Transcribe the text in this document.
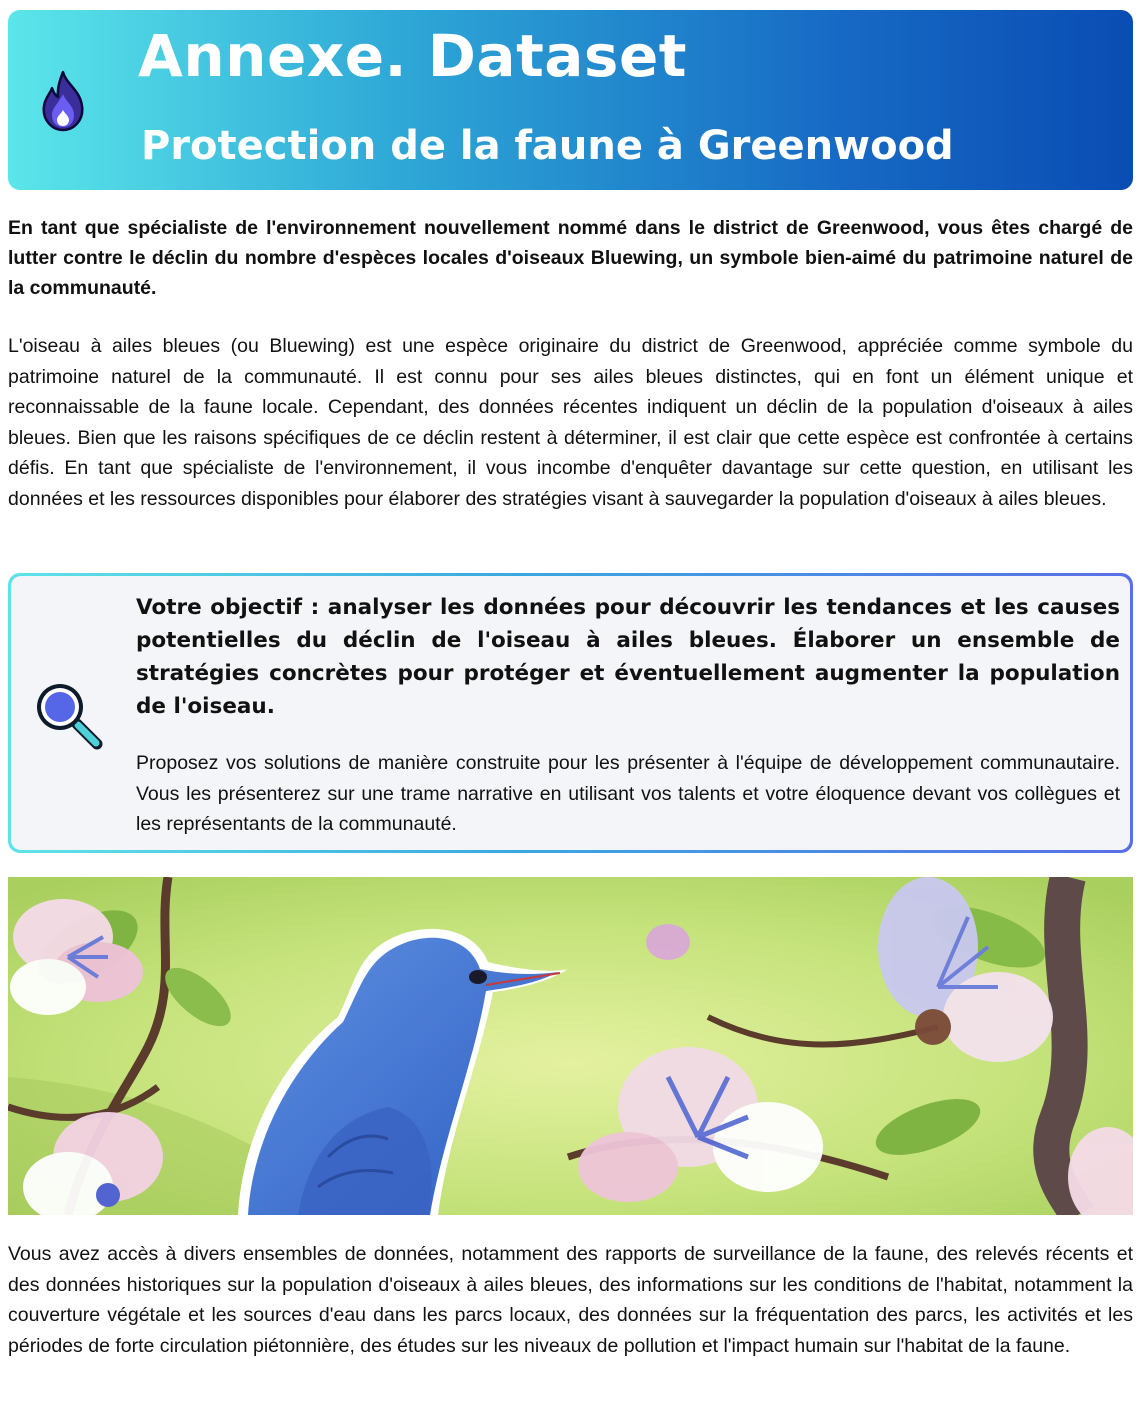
Annexe. Dataset
Protection de la faune à Greenwood
En tant que spécialiste de l'environnement nouvellement nommé dans le district de Greenwood, vous êtes chargé de lutter contre le déclin du nombre d'espèces locales d'oiseaux Bluewing, un symbole bien-aimé du patrimoine naturel de la communauté.
L'oiseau à ailes bleues (ou Bluewing) est une espèce originaire du district de Greenwood, appréciée comme symbole du patrimoine naturel de la communauté. Il est connu pour ses ailes bleues distinctes, qui en font un élément unique et reconnaissable de la faune locale. Cependant, des données récentes indiquent un déclin de la population d'oiseaux à ailes bleues. Bien que les raisons spécifiques de ce déclin restent à déterminer, il est clair que cette espèce est confrontée à certains défis. En tant que spécialiste de l'environnement, il vous incombe d'enquêter davantage sur cette question, en utilisant les données et les ressources disponibles pour élaborer des stratégies visant à sauvegarder la population d'oiseaux à ailes bleues.
Votre objectif : analyser les données pour découvrir les tendances et les causes potentielles du déclin de l'oiseau à ailes bleues. Élaborer un ensemble de stratégies concrètes pour protéger et éventuellement augmenter la population de l'oiseau.
Proposez vos solutions de manière construite pour les présenter à l'équipe de développement communautaire. Vous les présenterez sur une trame narrative en utilisant vos talents et votre éloquence devant vos collègues et les représentants de la communauté.
Vous avez accès à divers ensembles de données, notamment des rapports de surveillance de la faune, des relevés récents et des données historiques sur la population d'oiseaux à ailes bleues, des informations sur les conditions de l'habitat, notamment la couverture végétale et les sources d'eau dans les parcs locaux, des données sur la fréquentation des parcs, les activités et les périodes de forte circulation piétonnière, des études sur les niveaux de pollution et l'impact humain sur l'habitat de la faune.
